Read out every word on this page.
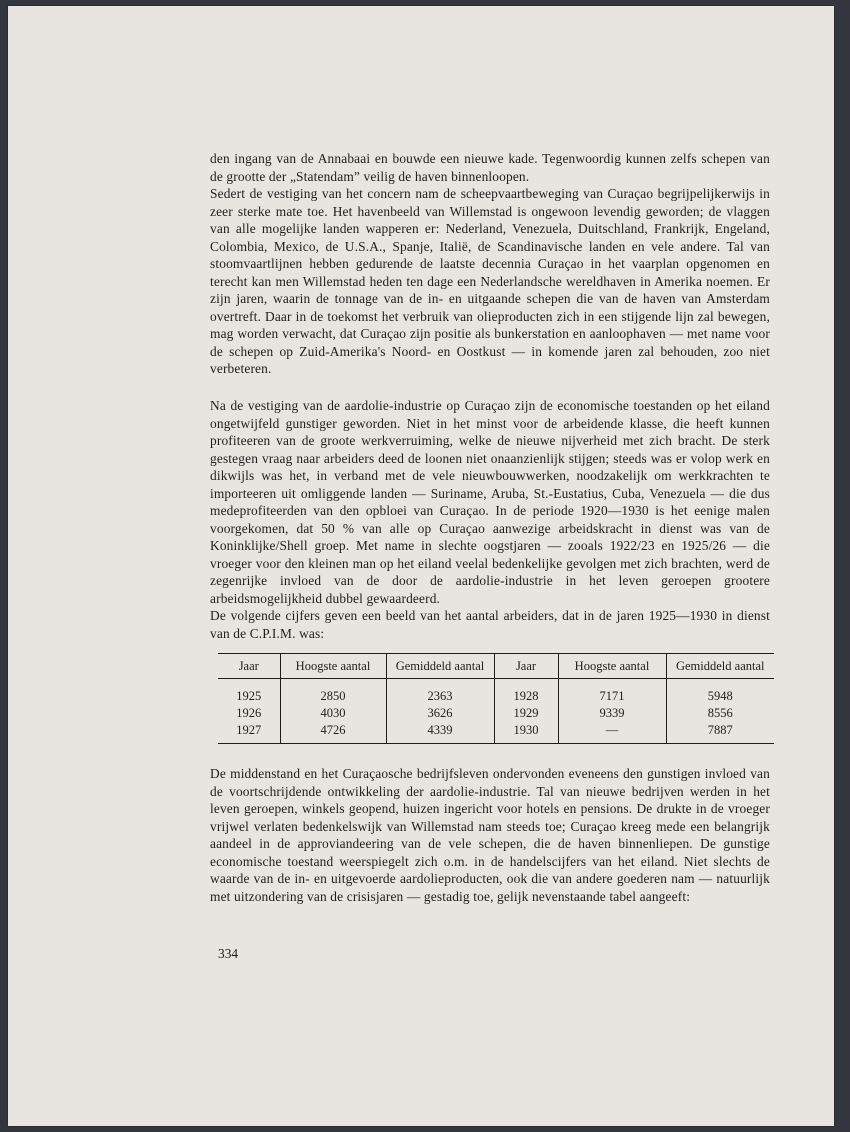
den ingang van de Annabaai en bouwde een nieuwe kade. Tegenwoordig kunnen zelfs schepen van de grootte der „Statendam” veilig de haven binnenloopen.

Sedert de vestiging van het concern nam de scheepvaartbeweging van Curaçao begrijpelijkerwijs in zeer sterke mate toe. Het havenbeeld van Willemstad is ongewoon levendig geworden; de vlaggen van alle mogelijke landen wapperen er: Nederland, Venezuela, Duitschland, Frankrijk, Engeland, Colombia, Mexico, de U.S.A., Spanje, Italië, de Scandinavische landen en vele andere. Tal van stoomvaartlijnen hebben gedurende de laatste decennia Curaçao in het vaarplan opgenomen en terecht kan men Willemstad heden ten dage een Nederlandsche wereldhaven in Amerika noemen. Er zijn jaren, waarin de tonnage van de in- en uitgaande schepen die van de haven van Amsterdam overtreft. Daar in de toekomst het verbruik van olieproducten zich in een stijgende lijn zal bewegen, mag worden verwacht, dat Curaçao zijn positie als bunkerstation en aanloophaven — met name voor de schepen op Zuid-Amerika's Noord- en Oostkust — in komende jaren zal behouden, zoo niet verbeteren.

Na de vestiging van de aardolie-industrie op Curaçao zijn de economische toestanden op het eiland ongetwijfeld gunstiger geworden. Niet in het minst voor de arbeidende klasse, die heeft kunnen profiteeren van de groote werkverruiming, welke de nieuwe nijverheid met zich bracht. De sterk gestegen vraag naar arbeiders deed de loonen niet onaanzienlijk stijgen; steeds was er volop werk en dikwijls was het, in verband met de vele nieuwbouwwerken, noodzakelijk om werkkrachten te importeeren uit omliggende landen — Suriname, Aruba, St.-Eustatius, Cuba, Venezuela — die dus medeprofiteerden van den opbloei van Curaçao. In de periode 1920—1930 is het eenige malen voorgekomen, dat 50 % van alle op Curaçao aanwezige arbeidskracht in dienst was van de Koninklijke/Shell groep. Met name in slechte oogstjaren — zooals 1922/23 en 1925/26 — die vroeger voor den kleinen man op het eiland veelal bedenkelijke gevolgen met zich brachten, werd de zegenrijke invloed van de door de aardolie-industrie in het leven geroepen grootere arbeidsmogelijkheid dubbel gewaardeerd.

De volgende cijfers geven een beeld van het aantal arbeiders, dat in de jaren 1925—1930 in dienst van de C.P.I.M. was:

Jaar	Hoogste aantal	Gemiddeld aantal	Jaar	Hoogste aantal	Gemiddeld aantal
1925	2850	2363	1928	7171	5948
1926	4030	3626	1929	9339	8556
1927	4726	4339	1930	—	7887

De middenstand en het Curaçaosche bedrijfsleven ondervonden eveneens den gunstigen invloed van de voortschrijdende ontwikkeling der aardolie-industrie. Tal van nieuwe bedrijven werden in het leven geroepen, winkels geopend, huizen ingericht voor hotels en pensions. De drukte in de vroeger vrijwel verlaten bedenkelswijk van Willemstad nam steeds toe; Curaçao kreeg mede een belangrijk aandeel in de approviandeering van de vele schepen, die de haven binnenliepen. De gunstige economische toestand weerspiegelt zich o.m. in de handelscijfers van het eiland. Niet slechts de waarde van de in- en uitgevoerde aardolieproducten, ook die van andere goederen nam — natuurlijk met uitzondering van de crisisjaren — gestadig toe, gelijk nevenstaande tabel aangeeft:

334
